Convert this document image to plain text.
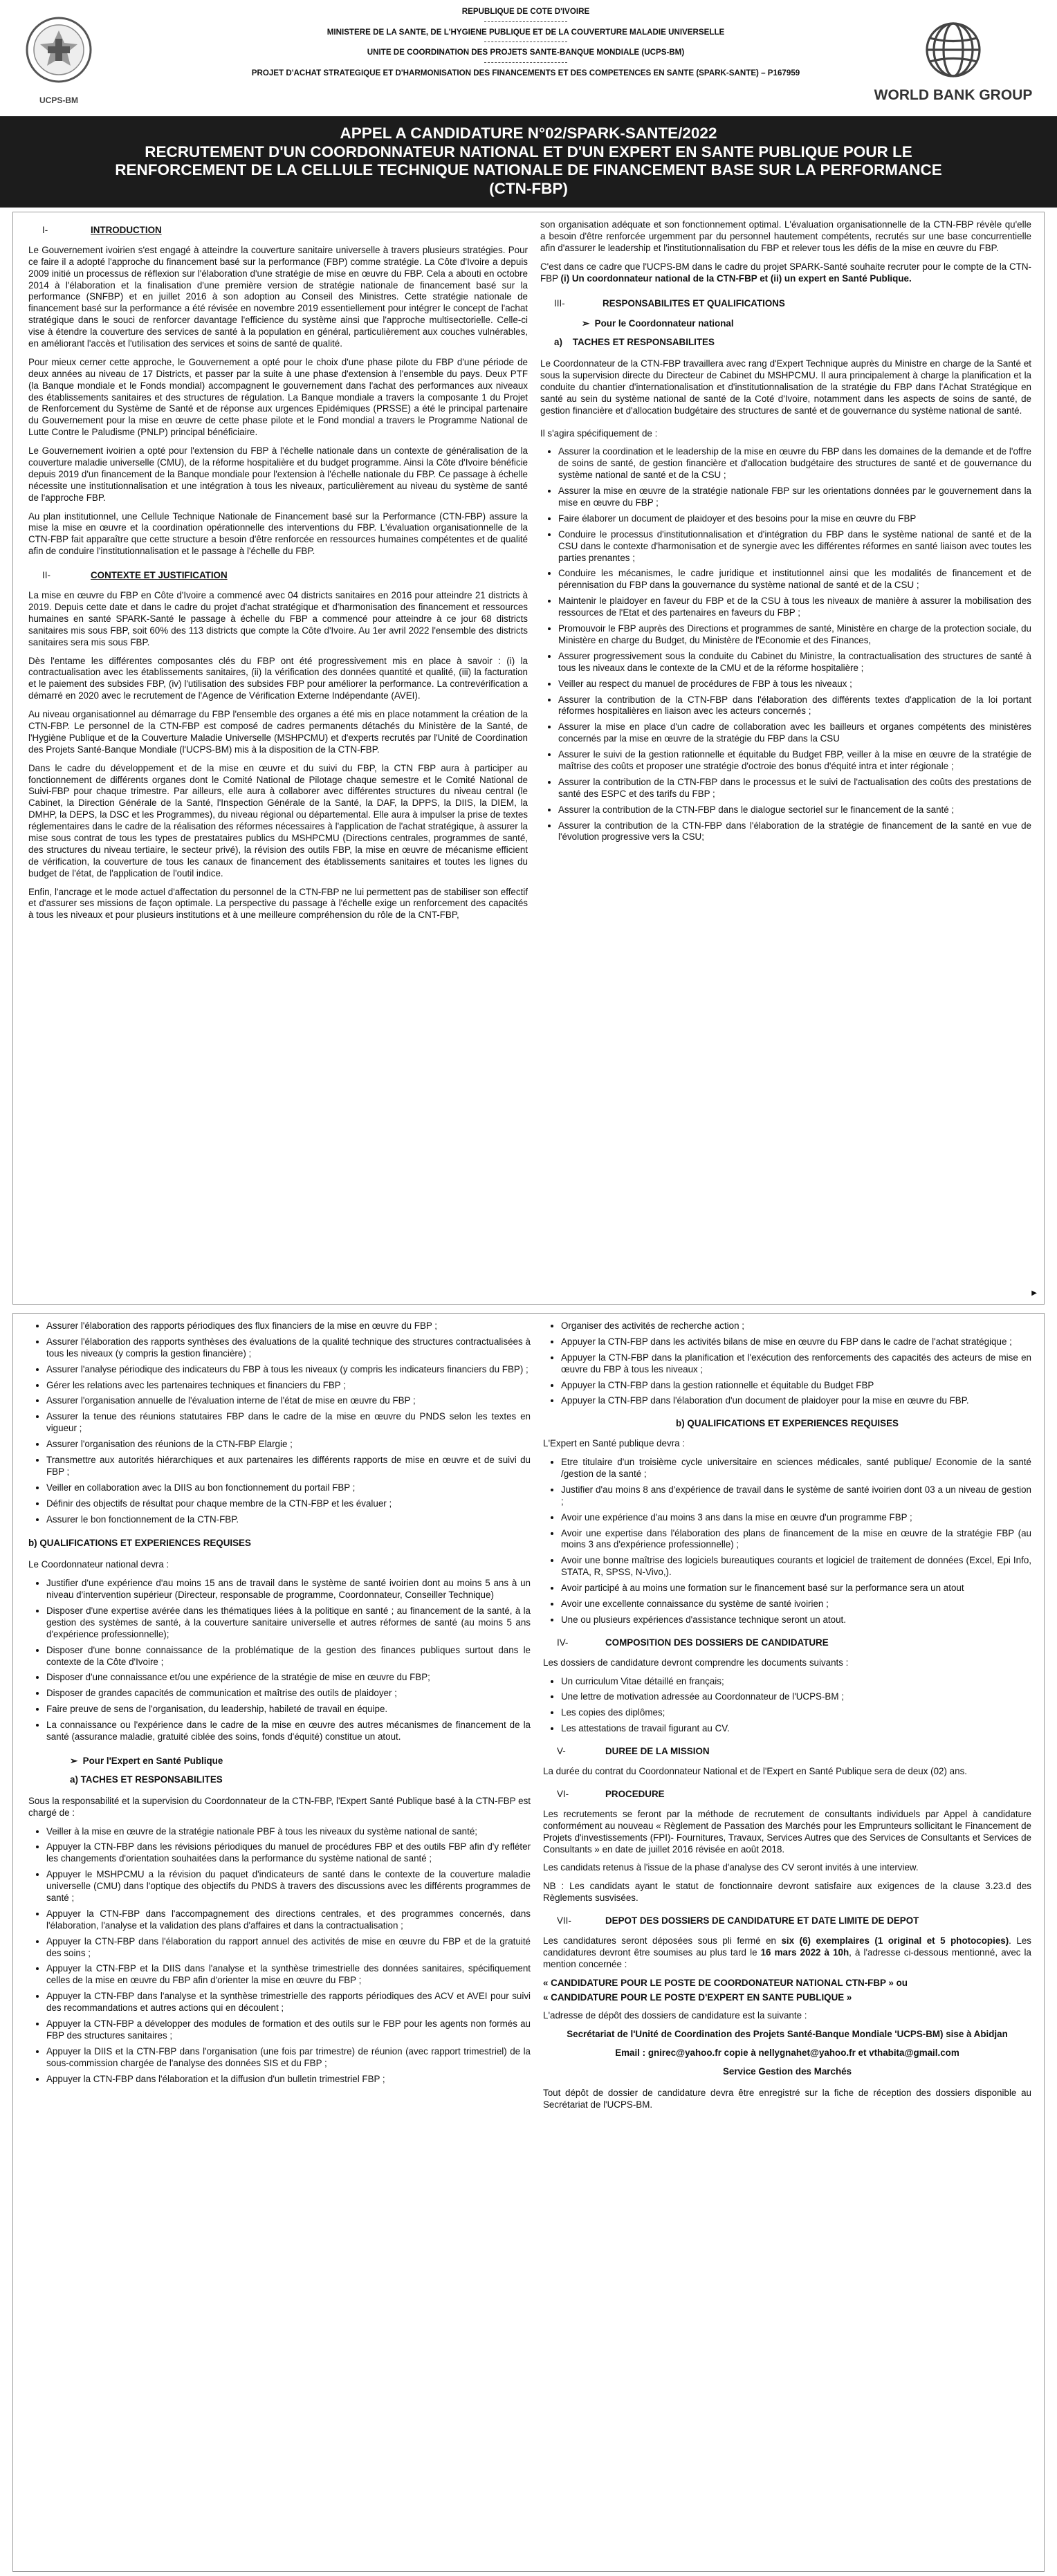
UCPS-BM
REPUBLIQUE DE COTE D'IVOIRE
MINISTERE DE LA SANTE, DE L'HYGIENE PUBLIQUE ET DE LA COUVERTURE MALADIE UNIVERSELLE
UNITE DE COORDINATION DES PROJETS SANTE-BANQUE MONDIALE (UCPS-BM)
PROJET D'ACHAT STRATEGIQUE ET D'HARMONISATION DES FINANCEMENTS ET DES COMPETENCES EN SANTE (SPARK-SANTE) – P167959
WORLD BANK GROUP
APPEL A CANDIDATURE N°02/SPARK-SANTE/2022
RECRUTEMENT D'UN COORDONNATEUR NATIONAL ET D'UN EXPERT EN SANTE PUBLIQUE POUR LE
RENFORCEMENT DE LA CELLULE TECHNIQUE NATIONALE DE FINANCEMENT BASE SUR LA PERFORMANCE
(CTN-FBP)
I-	INTRODUCTION

Le Gouvernement ivoirien s'est engagé à atteindre la couverture sanitaire universelle à travers plusieurs stratégies. Pour ce faire il a adopté l'approche du financement basé sur la performance (FBP) comme stratégie. La Côte d'Ivoire a depuis 2009 initié un processus de réflexion sur l'élaboration d'une stratégie de mise en œuvre du FBP. Cela a abouti en octobre 2014 à l'élaboration et la finalisation d'une première version de stratégie nationale de financement basé sur la performance (SNFBP) et en juillet 2016 à son adoption au Conseil des Ministres. Cette stratégie nationale de financement basé sur la performance a été révisée en novembre 2019 essentiellement pour intégrer le concept de l'achat stratégique dans le souci de renforcer davantage l'efficience du système ainsi que l'approche multisectorielle. Celle-ci vise à étendre la couverture des services de santé à la population en général, particulièrement aux couches vulnérables, en améliorant l'accès et l'utilisation des services et soins de santé de qualité.

Pour mieux cerner cette approche, le Gouvernement a opté pour le choix d'une phase pilote du FBP d'une période de deux années au niveau de 17 Districts, et passer par la suite à une phase d'extension à l'ensemble du pays. Deux PTF (la Banque mondiale et le Fonds mondial) accompagnent le gouvernement dans l'achat des performances aux niveaux des établissements sanitaires et des structures de régulation. La Banque mondiale a travers la composante 1 du Projet de Renforcement du Système de Santé et de réponse aux urgences Epidémiques (PRSSE) a été le principal partenaire du Gouvernement pour la mise en œuvre de cette phase pilote et le Fond mondial a travers le Programme National de Lutte Contre le Paludisme (PNLP) principal bénéficiaire.

Le Gouvernement ivoirien a opté pour l'extension du FBP à l'échelle nationale dans un contexte de généralisation de la couverture maladie universelle (CMU), de la réforme hospitalière et du budget programme. Ainsi la Côte d'Ivoire bénéficie depuis 2019 d'un financement de la Banque mondiale pour l'extension à l'échelle nationale du FBP. Ce passage à échelle nécessite une institutionnalisation et une intégration à tous les niveaux, particulièrement au niveau du système de santé de l'approche FBP.

Au plan institutionnel, une Cellule Technique Nationale de Financement basé sur la Performance (CTN-FBP) assure la mise la mise en œuvre et la coordination opérationnelle des interventions du FBP. L'évaluation organisationnelle de la CTN-FBP fait apparaître que cette structure a besoin d'être renforcée en ressources humaines compétentes et de qualité afin de conduire l'institutionnalisation et le passage à l'échelle du FBP.

II-	CONTEXTE ET JUSTIFICATION

La mise en œuvre du FBP en Côte d'Ivoire a commencé avec 04 districts sanitaires en 2016 pour atteindre 21 districts à 2019. Depuis cette date et dans le cadre du projet d'achat stratégique et d'harmonisation des financement et ressources humaines en santé SPARK-Santé le passage à échelle du FBP a commencé pour atteindre à ce jour 68 districts sanitaires mis sous FBP, soit 60% des 113 districts que compte la Côte d'Ivoire. Au 1er avril 2022 l'ensemble des districts sanitaires sera mis sous FBP.

Dès l'entame les différentes composantes clés du FBP ont été progressivement mis en place à savoir : (i) la contractualisation avec les établissements sanitaires, (ii) la vérification des données quantité et qualité, (iii) la facturation et le paiement des subsides FBP, (iv) l'utilisation des subsides FBP pour améliorer la performance. La contrevérification a démarré en 2020 avec le recrutement de l'Agence de Vérification Externe Indépendante (AVEI).

Au niveau organisationnel au démarrage du FBP l'ensemble des organes a été mis en place notamment la création de la CTN-FBP. Le personnel de la CTN-FBP est composé de cadres permanents détachés du Ministère de la Santé, de l'Hygiène Publique et de la Couverture Maladie Universelle (MSHPCMU) et d'experts recrutés par l'Unité de Coordination des Projets Santé-Banque Mondiale (l'UCPS-BM) mis à la disposition de la CTN-FBP.

Dans le cadre du développement et de la mise en œuvre et du suivi du FBP, la CTN FBP aura à participer au fonctionnement de différents organes dont le Comité National de Pilotage chaque semestre et le Comité National de Suivi-FBP pour chaque trimestre. Par ailleurs, elle aura à collaborer avec différentes structures du niveau central (le Cabinet, la Direction Générale de la Santé, l'Inspection Générale de la Santé, la DAF, la DPPS, la DIIS, la DIEM, la DMHP, la DEPS, la DSC et les Programmes), du niveau régional ou départemental. Elle aura à impulser la prise de textes réglementaires dans le cadre de la réalisation des réformes nécessaires à l'application de l'achat stratégique, à assurer la mise sous contrat de tous les types de prestataires publics du MSHPCMU (Directions centrales, programmes de santé, des structures du niveau tertiaire, le secteur privé), la révision des outils FBP, la mise en œuvre de mécanisme efficient de vérification, la couverture de tous les canaux de financement des établissements sanitaires et toutes les lignes du budget de l'état, de l'application de l'outil indice.

Enfin, l'ancrage et le mode actuel d'affectation du personnel de la CTN-FBP ne lui permettent pas de stabiliser son effectif et d'assurer ses missions de façon optimale. La perspective du passage à l'échelle exige un renforcement des capacités à tous les niveaux et pour plusieurs institutions et à une meilleure compréhension du rôle de la CNT-FBP,

son organisation adéquate et son fonctionnement optimal. L'évaluation organisationnelle de la CTN-FBP révèle qu'elle a besoin d'être renforcée urgemment par du personnel hautement compétents, recrutés sur une base concurrentielle afin d'assurer le leadership et l'institutionnalisation du FBP et relever tous les défis de la mise en œuvre du FBP.

C'est dans ce cadre que l'UCPS-BM dans le cadre du projet SPARK-Santé souhaite recruter pour le compte de la CTN-FBP (i) Un coordonnateur national de la CTN-FBP et (ii) un expert en Santé Publique.

III-	RESPONSABILITES ET QUALIFICATIONS
➢  Pour le Coordonnateur national
a)    TACHES ET RESPONSABILITES

Le Coordonnateur de la CTN-FBP travaillera avec rang d'Expert Technique auprès du Ministre en charge de la Santé et sous la supervision directe du Directeur de Cabinet du MSHPCMU. Il aura principalement à charge la planification et la conduite du chantier d'internationalisation et d'institutionnalisation de la stratégie du FBP dans l'Achat Stratégique en santé au sein du système national de santé de la Coté d'Ivoire, notamment dans les aspects de soins de santé, de gestion financière et d'allocation budgétaire des structures de santé et de gouvernance du système national de santé.

Il s'agira spécifiquement de :

• Assurer la coordination et le leadership de la mise en œuvre du FBP dans les domaines de la demande et de l'offre de soins de santé, de gestion financière et d'allocation budgétaire des structures de santé et de gouvernance du système national de santé et de la CSU ;
• Assurer la mise en œuvre de la stratégie nationale FBP sur les orientations données par le gouvernement dans la mise en œuvre du FBP ;
• Faire élaborer un document de plaidoyer et des besoins pour la mise en œuvre du FBP
• Conduire le processus d'institutionnalisation et d'intégration du FBP dans le système national de santé et de la CSU dans le contexte d'harmonisation et de synergie avec les différentes réformes en santé liaison avec toutes les parties prenantes ;
• Conduire les mécanismes, le cadre juridique et institutionnel ainsi que les modalités de financement et de pérennisation du FBP dans la gouvernance du système national de santé et de la CSU ;
• Maintenir le plaidoyer en faveur du FBP et de la CSU à tous les niveaux de manière à assurer la mobilisation des ressources de l'Etat et des partenaires en faveurs du FBP ;
• Promouvoir le FBP auprès des Directions et programmes de santé, Ministère en charge de la protection sociale, du Ministère en charge du Budget, du Ministère de l'Economie et des Finances,
• Assurer progressivement sous la conduite du Cabinet du Ministre, la contractualisation des structures de santé à tous les niveaux dans le contexte de la CMU et de la réforme hospitalière ;
• Veiller au respect du manuel de procédures de FBP à tous les niveaux ;
• Assurer la contribution de la CTN-FBP dans l'élaboration des différents textes d'application de la loi portant réformes hospitalières en liaison avec les acteurs concernés ;
• Assurer la mise en place d'un cadre de collaboration avec les bailleurs et organes compétents des ministères concernés par la mise en œuvre de la stratégie du FBP dans la CSU
• Assurer le suivi de la gestion rationnelle et équitable du Budget FBP, veiller à la mise en œuvre de la stratégie de maîtrise des coûts et proposer une stratégie d'octroie des bonus d'équité intra et inter régionale ;
• Assurer la contribution de la CTN-FBP dans le processus et le suivi de l'actualisation des coûts des prestations de santé des ESPC et des tarifs du FBP ;
• Assurer la contribution de la CTN-FBP dans le dialogue sectoriel sur le financement de la santé ;
• Assurer la contribution de la CTN-FBP dans l'élaboration de la stratégie de financement de la santé en vue de l'évolution progressive vers la CSU;
▶
• Assurer l'élaboration des rapports périodiques des flux financiers de la mise en œuvre du FBP ;
• Assurer l'élaboration des rapports synthèses des évaluations de la qualité technique des structures contractualisées à tous les niveaux (y compris la gestion financière) ;
• Assurer l'analyse périodique des indicateurs du FBP à tous les niveaux (y compris les indicateurs financiers du FBP) ;
• Gérer les relations avec les partenaires techniques et financiers du FBP ;
• Assurer l'organisation annuelle de l'évaluation interne de l'état de mise en œuvre du FBP ;
• Assurer la tenue des réunions statutaires FBP dans le cadre de la mise en œuvre du PNDS selon les textes en vigueur ;
• Assurer l'organisation des réunions de la CTN-FBP Elargie ;
• Transmettre aux autorités hiérarchiques et aux partenaires les différents rapports de mise en œuvre et de suivi du FBP ;
• Veiller en collaboration avec la DIIS au bon fonctionnement du portail FBP ;
• Définir des objectifs de résultat pour chaque membre de la CTN-FBP et les évaluer ;
• Assurer le bon fonctionnement de la CTN-FBP.
b) QUALIFICATIONS ET EXPERIENCES REQUISES

Le Coordonnateur national devra :

• Justifier d'une expérience d'au moins 15 ans de travail dans le système de santé ivoirien dont au moins 5 ans à un niveau d'intervention supérieur (Directeur, responsable de programme, Coordonnateur, Conseiller Technique)
• Disposer d'une expertise avérée dans les thématiques liées à la politique en santé ; au financement de la santé, à la gestion des systèmes de santé, à la couverture sanitaire universelle et autres réformes de santé (au moins 5 ans d'expérience professionnelle);
• Disposer d'une bonne connaissance de la problématique de la gestion des finances publiques surtout dans le contexte de la Côte d'Ivoire ;
• Disposer d'une connaissance et/ou une expérience de la stratégie de mise en œuvre du FBP;
• Disposer de grandes capacités de communication et maîtrise des outils de plaidoyer ;
• Faire preuve de sens de l'organisation, du leadership, habileté de travail en équipe.
• La connaissance ou l'expérience dans le cadre de la mise en œuvre des autres mécanismes de financement de la santé (assurance maladie, gratuité ciblée des soins, fonds d'équité) constitue un atout.
➢  Pour l'Expert en Santé Publique
a) TACHES ET RESPONSABILITES

Sous la responsabilité et la supervision du Coordonnateur de la CTN-FBP, l'Expert Santé Publique basé à la CTN-FBP est chargé de :

• Veiller à la mise en œuvre de la stratégie nationale PBF à tous les niveaux du système national de santé;
• Appuyer la CTN-FBP dans les révisions périodiques du manuel de procédures FBP et des outils FBP afin d'y refléter les changements d'orientation souhaitées dans la performance du système national de santé ;
• Appuyer le MSHPCMU a la révision du paquet d'indicateurs de santé dans le contexte de la couverture maladie universelle (CMU) dans l'optique des objectifs du PNDS à travers des discussions avec les différents programmes de santé ;
• Appuyer la CTN-FBP dans l'accompagnement des directions centrales, et des programmes concernés, dans l'élaboration, l'analyse et la validation des plans d'affaires et dans la contractualisation ;
• Appuyer la CTN-FBP dans l'élaboration du rapport annuel des activités de mise en œuvre du FBP et de la gratuité des soins ;
• Appuyer la CTN-FBP et la DIIS dans l'analyse et la synthèse trimestrielle des données sanitaires, spécifiquement celles de la mise en œuvre du FBP afin d'orienter la mise en œuvre du FBP ;
• Appuyer la CTN-FBP dans l'analyse et la synthèse trimestrielle des rapports périodiques des ACV et AVEI pour suivi des recommandations et autres actions qui en découlent ;
• Appuyer la CTN-FBP a développer des modules de formation et des outils sur le FBP pour les agents non formés au FBP des structures sanitaires ;
• Appuyer la DIIS et la CTN-FBP dans l'organisation (une fois par trimestre) de réunion (avec rapport trimestriel) de la sous-commission chargée de l'analyse des données SIS et du FBP ;
• Appuyer la CTN-FBP dans l'élaboration et la diffusion d'un bulletin trimestriel FBP ;
• Organiser des activités de recherche action ;
• Appuyer la CTN-FBP dans les activités bilans de mise en œuvre du FBP dans le cadre de l'achat stratégique ;
• Appuyer la CTN-FBP dans la planification et l'exécution des renforcements des capacités des acteurs de mise en œuvre du FBP à tous les niveaux ;
• Appuyer la CTN-FBP dans la gestion rationnelle et équitable du Budget FBP
• Appuyer la CTN-FBP dans l'élaboration d'un document de plaidoyer pour la mise en œuvre du FBP.
b) QUALIFICATIONS ET EXPERIENCES REQUISES

L'Expert en Santé publique devra :

• Etre titulaire d'un troisième cycle universitaire en sciences médicales, santé publique/ Economie de la santé /gestion de la santé ;
• Justifier d'au moins 8 ans d'expérience de travail dans le système de santé ivoirien dont 03 a un niveau de gestion ;
• Avoir une expérience d'au moins 3 ans dans la mise en œuvre d'un programme FBP ;
• Avoir une expertise dans l'élaboration des plans de financement de la mise en œuvre de la stratégie FBP (au moins 3 ans d'expérience professionnelle) ;
• Avoir une bonne maîtrise des logiciels bureautiques courants et logiciel de traitement de données (Excel, Epi Info, STATA, R, SPSS, N-Vivo,).
• Avoir participé à au moins une formation sur le financement basé sur la performance sera un atout
• Avoir une excellente connaissance du système de santé ivoirien ;
• Une ou plusieurs expériences d'assistance technique seront un atout.
IV-	COMPOSITION DES DOSSIERS DE CANDIDATURE

Les dossiers de candidature devront comprendre les documents suivants :

• Un curriculum Vitae détaillé en français;
• Une lettre de motivation adressée au Coordonnateur de l'UCPS-BM ;
• Les copies des diplômes;
• Les attestations de travail figurant au CV.
V-	DUREE DE LA MISSION

La durée du contrat du Coordonnateur National et de l'Expert en Santé Publique sera de deux (02) ans.

VI-	PROCEDURE

Les recrutements se feront par la méthode de recrutement de consultants individuels par Appel à candidature conformément au nouveau « Règlement de Passation des Marchés pour les Emprunteurs sollicitant le Financement de Projets d'investissements (FPI)- Fournitures, Travaux, Services Autres que des Services de Consultants et Services de Consultants » en date de juillet 2016 révisée en août 2018.

Les candidats retenus à l'issue de la phase d'analyse des CV seront invités à une interview.

NB : Les candidats ayant le statut de fonctionnaire devront satisfaire aux exigences de la clause 3.23.d des Règlements susvisées.

VII-	DEPOT DES DOSSIERS DE CANDIDATURE ET DATE LIMITE DE DEPOT

Les candidatures seront déposées sous pli fermé en six (6) exemplaires (1 original et 5 photocopies). Les candidatures devront être soumises au plus tard le 16 mars 2022 à 10h, à l'adresse ci-dessous mentionné, avec la mention concernée :

« CANDIDATURE POUR LE POSTE DE COORDONATEUR NATIONAL CTN-FBP » ou

« CANDIDATURE POUR LE POSTE D'EXPERT EN SANTE PUBLIQUE »

L'adresse de dépôt des dossiers de candidature est la suivante :

Secrétariat de l'Unité de Coordination des Projets Santé-Banque Mondiale 'UCPS-BM) sise à Abidjan

Email : gnirec@yahoo.fr copie à nellygnahet@yahoo.fr et vthabita@gmail.com

Service Gestion des Marchés

Tout dépôt de dossier de candidature devra être enregistré sur la fiche de réception des dossiers disponible au Secrétariat de l'UCPS-BM.
